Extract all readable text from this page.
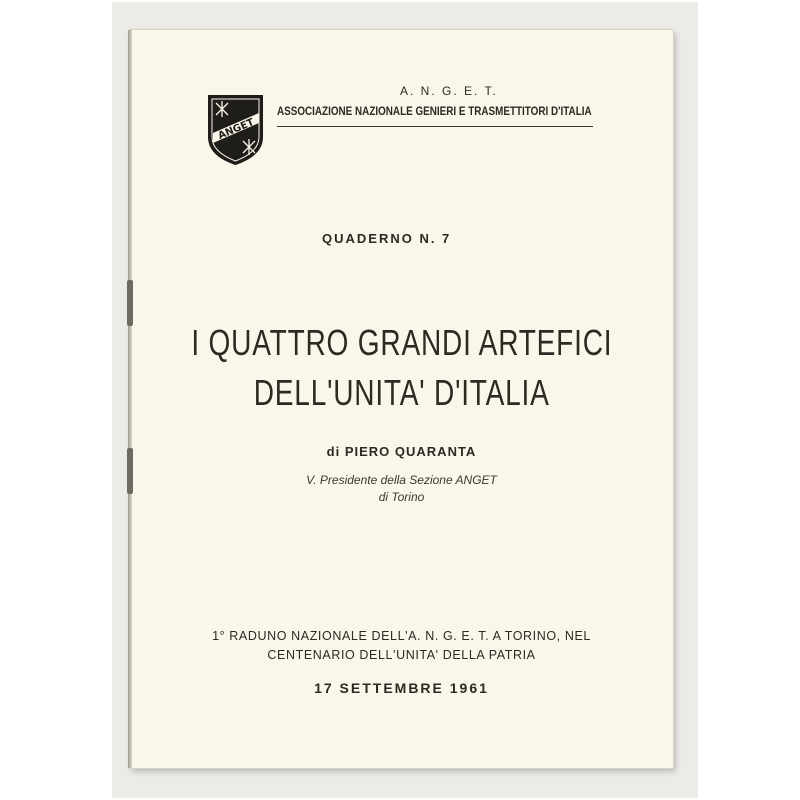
ANGET
A. N. G. E. T.
ASSOCIAZIONE NAZIONALE GENIERI E TRASMETTITORI D'ITALIA
QUADERNO N. 7
I QUATTRO GRANDI ARTEFICI
DELL'UNITA' D'ITALIA
di PIERO QUARANTA
V. Presidente della Sezione ANGET
di Torino
1° RADUNO NAZIONALE DELL'A. N. G. E. T. A TORINO, NEL
CENTENARIO DELL'UNITA' DELLA PATRIA
17 SETTEMBRE 1961
